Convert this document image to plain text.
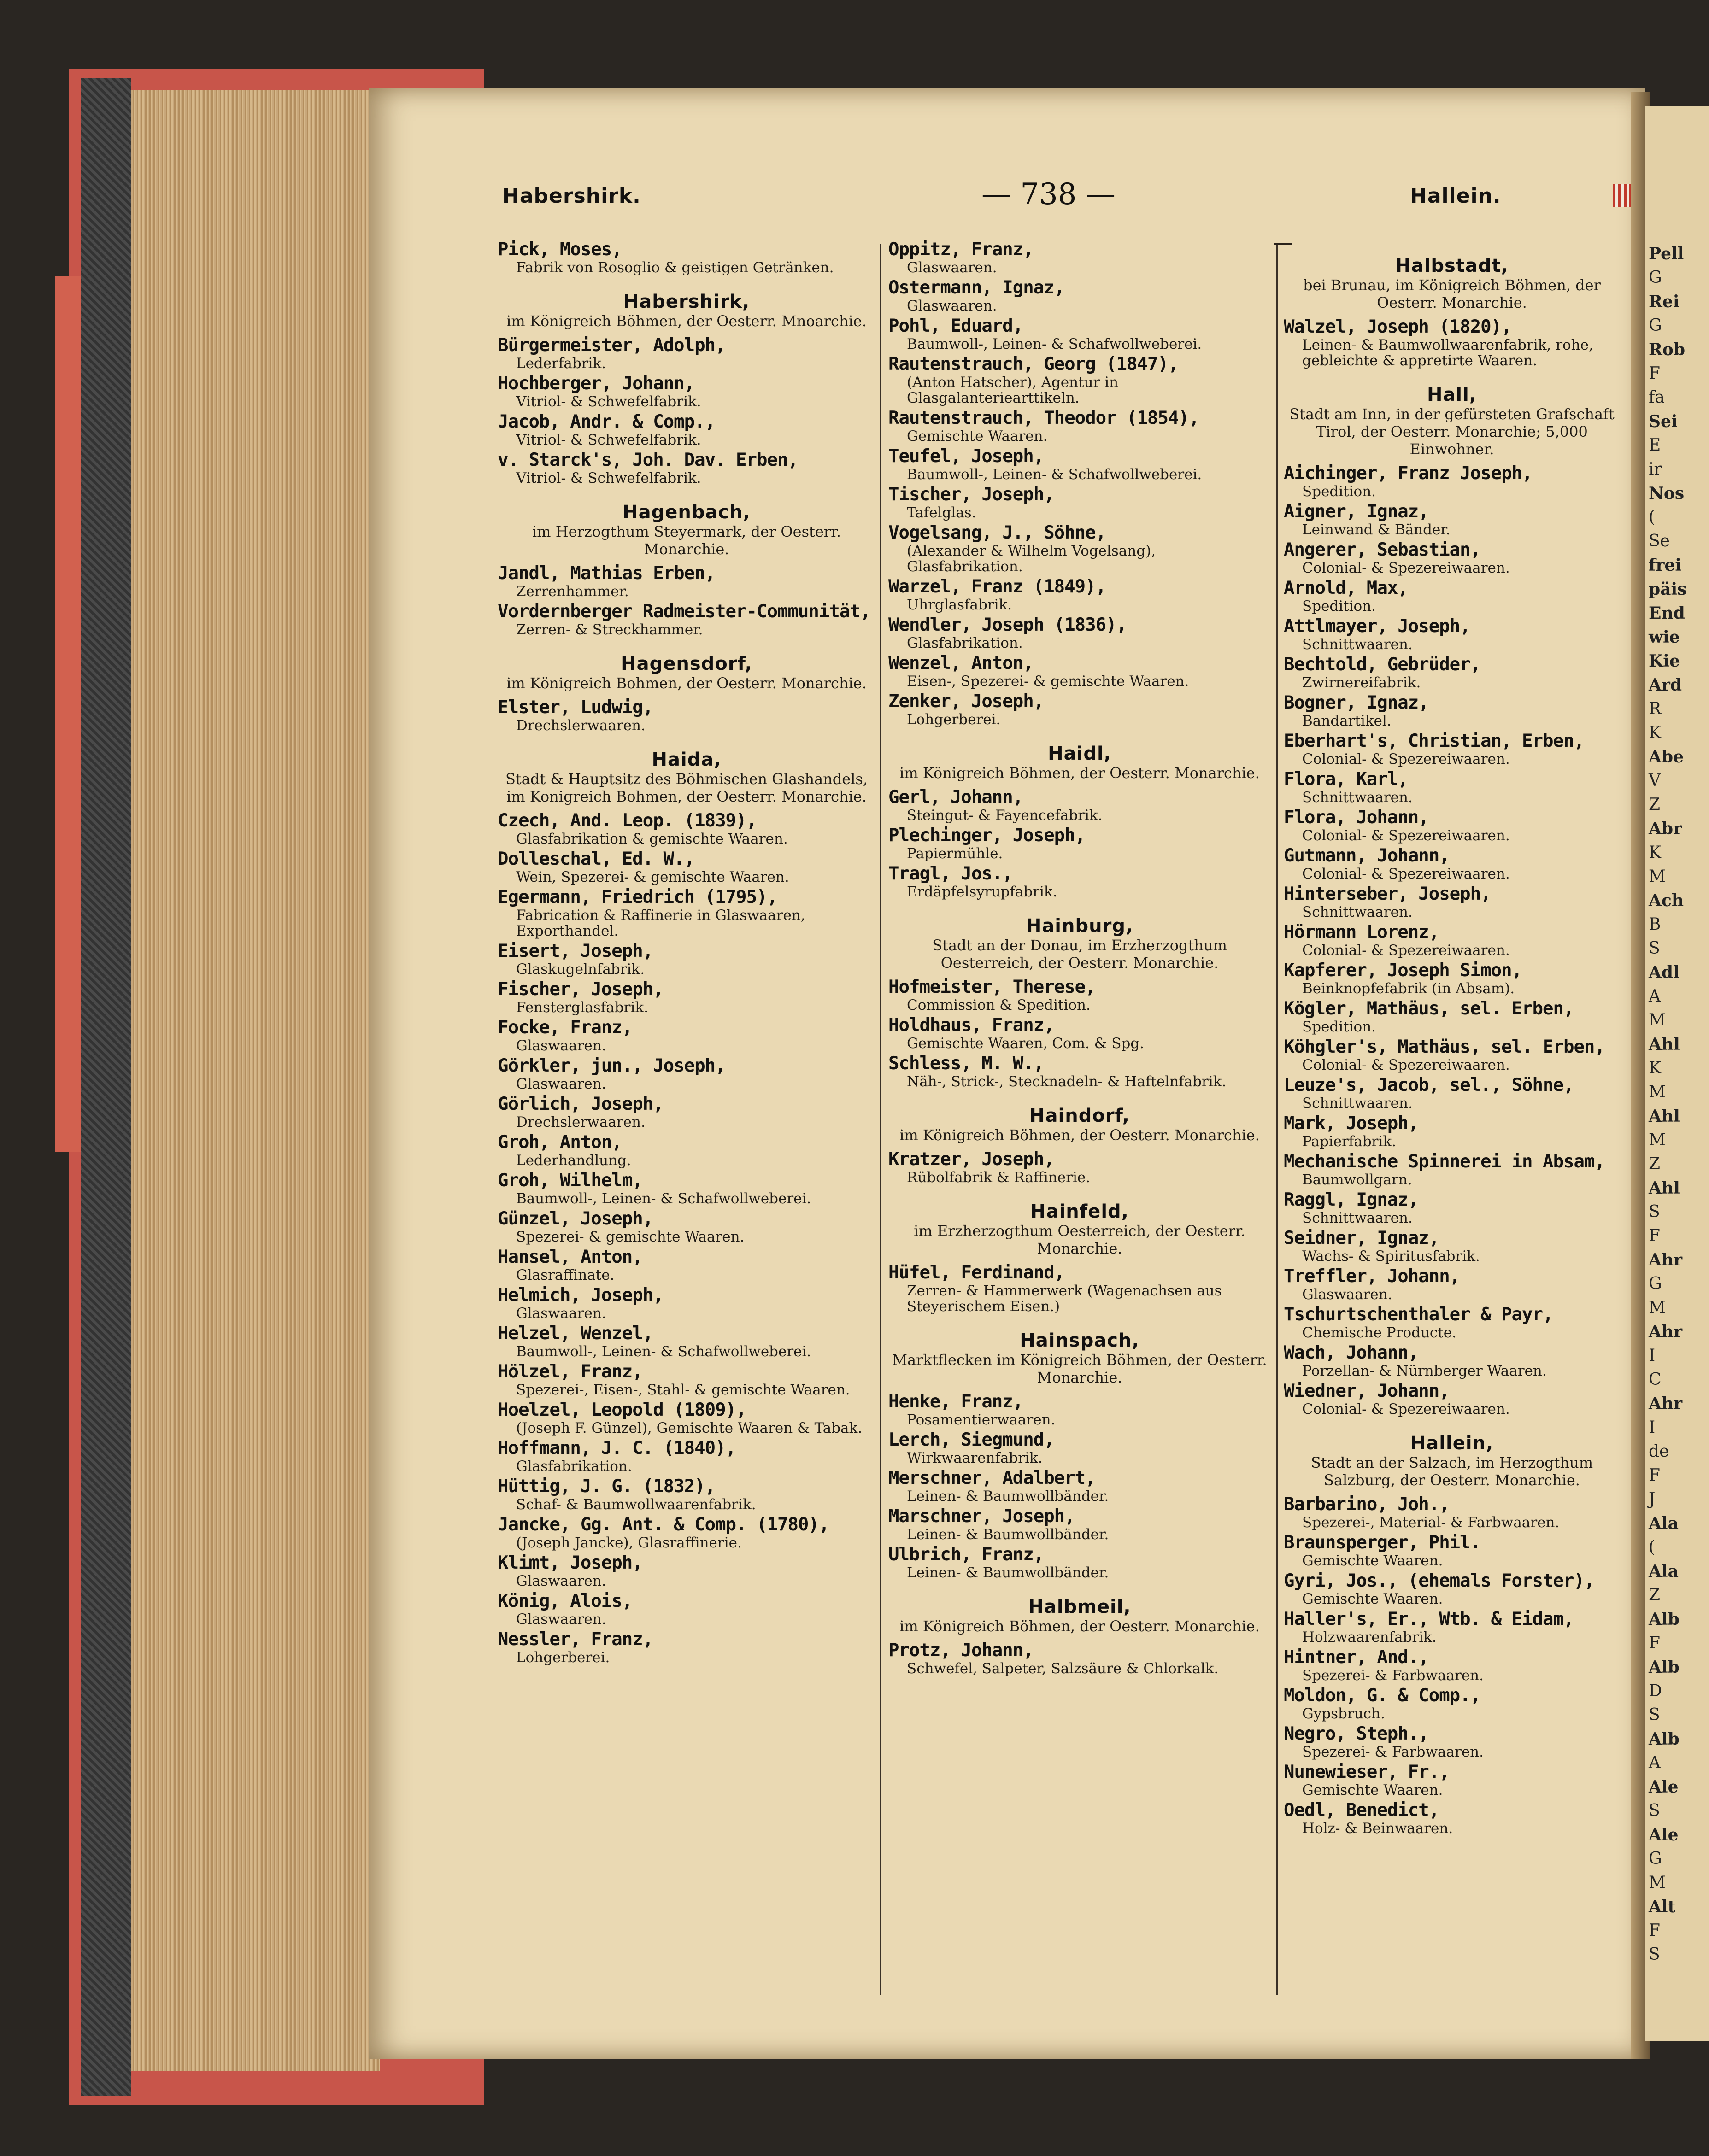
Habershirk.	— 738 —	Hallein.
Pick, Moses,
Fabrik von Rosoglio & geistigen Getränken.
Habershirk,
im Königreich Böhmen, der Oesterr. Mnoarchie.
Bürgermeister, Adolph,
Lederfabrik.
Hochberger, Johann,
Vitriol- & Schwefelfabrik.
Jacob, Andr. & Comp.,
Vitriol- & Schwefelfabrik.
v. Starck's, Joh. Dav. Erben,
Vitriol- & Schwefelfabrik.
Hagenbach,
im Herzogthum Steyermark, der Oesterr. Monarchie.
Jandl, Mathias Erben,
Zerrenhammer.
Vordernberger Radmeister-Communität,
Zerren- & Streckhammer.
Hagensdorf,
im Königreich Bohmen, der Oesterr. Monarchie.
Elster, Ludwig,
Drechslerwaaren.
Haida,
Stadt & Hauptsitz des Böhmischen Glashandels, im Konigreich Bohmen, der Oesterr. Monarchie.
Czech, And. Leop. (1839),
Glasfabrikation & gemischte Waaren.
Dolleschal, Ed. W.,
Wein, Spezerei- & gemischte Waaren.
Egermann, Friedrich (1795),
Fabrication & Raffinerie in Glaswaaren, Exporthandel.
Eisert, Joseph,
Glaskugelnfabrik.
Fischer, Joseph,
Fensterglasfabrik.
Focke, Franz,
Glaswaaren.
Görkler, jun., Joseph,
Glaswaaren.
Görlich, Joseph,
Drechslerwaaren.
Groh, Anton,
Lederhandlung.
Groh, Wilhelm,
Baumwoll-, Leinen- & Schafwollweberei.
Günzel, Joseph,
Spezerei- & gemischte Waaren.
Hansel, Anton,
Glasraffinate.
Helmich, Joseph,
Glaswaaren.
Helzel, Wenzel,
Baumwoll-, Leinen- & Schafwollweberei.
Hölzel, Franz,
Spezerei-, Eisen-, Stahl- & gemischte Waaren.
Hoelzel, Leopold (1809),
(Joseph F. Günzel), Gemischte Waaren & Tabak.
Hoffmann, J. C. (1840),
Glasfabrikation.
Hüttig, J. G. (1832),
Schaf- & Baumwollwaarenfabrik.
Jancke, Gg. Ant. & Comp. (1780),
(Joseph Jancke), Glasraffinerie.
Klimt, Joseph,
Glaswaaren.
König, Alois,
Glaswaaren.
Nessler, Franz,
Lohgerberei.
Oppitz, Franz,
Glaswaaren.
Ostermann, Ignaz,
Glaswaaren.
Pohl, Eduard,
Baumwoll-, Leinen- & Schafwollweberei.
Rautenstrauch, Georg (1847),
(Anton Hatscher), Agentur in Glasgalanteriearttikeln.
Rautenstrauch, Theodor (1854),
Gemischte Waaren.
Teufel, Joseph,
Baumwoll-, Leinen- & Schafwollweberei.
Tischer, Joseph,
Tafelglas.
Vogelsang, J., Söhne,
(Alexander & Wilhelm Vogelsang), Glasfabrikation.
Warzel, Franz (1849),
Uhrglasfabrik.
Wendler, Joseph (1836),
Glasfabrikation.
Wenzel, Anton,
Eisen-, Spezerei- & gemischte Waaren.
Zenker, Joseph,
Lohgerberei.
Haidl,
im Königreich Böhmen, der Oesterr. Monarchie.
Gerl, Johann,
Steingut- & Fayencefabrik.
Plechinger, Joseph,
Papiermühle.
Tragl, Jos.,
Erdäpfelsyrupfabrik.
Hainburg,
Stadt an der Donau, im Erzherzogthum Oesterreich, der Oesterr. Monarchie.
Hofmeister, Therese,
Commission & Spedition.
Holdhaus, Franz,
Gemischte Waaren, Com. & Spg.
Schless, M. W.,
Näh-, Strick-, Stecknadeln- & Haftelnfabrik.
Haindorf,
im Königreich Böhmen, der Oesterr. Monarchie.
Kratzer, Joseph,
Rübolfabrik & Raffinerie.
Hainfeld,
im Erzherzogthum Oesterreich, der Oesterr. Monarchie.
Hüfel, Ferdinand,
Zerren- & Hammerwerk (Wagenachsen aus Steyerischem Eisen.)
Hainspach,
Marktflecken im Königreich Böhmen, der Oesterr. Monarchie.
Henke, Franz,
Posamentierwaaren.
Lerch, Siegmund,
Wirkwaarenfabrik.
Merschner, Adalbert,
Leinen- & Baumwollbänder.
Marschner, Joseph,
Leinen- & Baumwollbänder.
Ulbrich, Franz,
Leinen- & Baumwollbänder.
Halbmeil,
im Königreich Böhmen, der Oesterr. Monarchie.
Protz, Johann,
Schwefel, Salpeter, Salzsäure & Chlorkalk.
Halbstadt,
bei Brunau, im Königreich Böhmen, der Oesterr. Monarchie.
Walzel, Joseph (1820),
Leinen- & Baumwollwaarenfabrik, rohe, gebleichte & appretirte Waaren.
Hall,
Stadt am Inn, in der gefürsteten Grafschaft Tirol, der Oesterr. Monarchie; 5,000 Einwohner.
Aichinger, Franz Joseph,
Spedition.
Aigner, Ignaz,
Leinwand & Bänder.
Angerer, Sebastian,
Colonial- & Spezereiwaaren.
Arnold, Max,
Spedition.
Attlmayer, Joseph,
Schnittwaaren.
Bechtold, Gebrüder,
Zwirnereifabrik.
Bogner, Ignaz,
Bandartikel.
Eberhart's, Christian, Erben,
Colonial- & Spezereiwaaren.
Flora, Karl,
Schnittwaaren.
Flora, Johann,
Colonial- & Spezereiwaaren.
Gutmann, Johann,
Colonial- & Spezereiwaaren.
Hinterseber, Joseph,
Schnittwaaren.
Hörmann Lorenz,
Colonial- & Spezereiwaaren.
Kapferer, Joseph Simon,
Beinknopfefabrik (in Absam).
Kögler, Mathäus, sel. Erben,
Spedition.
Köhgler's, Mathäus, sel. Erben,
Colonial- & Spezereiwaaren.
Leuze's, Jacob, sel., Söhne,
Schnittwaaren.
Mark, Joseph,
Papierfabrik.
Mechanische Spinnerei in Absam,
Baumwollgarn.
Raggl, Ignaz,
Schnittwaaren.
Seidner, Ignaz,
Wachs- & Spiritusfabrik.
Treffler, Johann,
Glaswaaren.
Tschurtschenthaler & Payr,
Chemische Producte.
Wach, Johann,
Porzellan- & Nürnberger Waaren.
Wiedner, Johann,
Colonial- & Spezereiwaaren.
Hallein,
Stadt an der Salzach, im Herzogthum Salzburg, der Oesterr. Monarchie.
Barbarino, Joh.,
Spezerei-, Material- & Farbwaaren.
Braunsperger, Phil.
Gemischte Waaren.
Gyri, Jos., (ehemals Forster),
Gemischte Waaren.
Haller's, Er., Wtb. & Eidam,
Holzwaarenfabrik.
Hintner, And.,
Spezerei- & Farbwaaren.
Moldon, G. & Comp.,
Gypsbruch.
Negro, Steph.,
Spezerei- & Farbwaaren.
Nunewieser, Fr.,
Gemischte Waaren.
Oedl, Benedict,
Holz- & Beinwaaren.
Pell
G
Rei
G
Rob
F
fa
Sei
E
ir
Nos
(
Se
frei
päis
End
wie
Kie
Ard
R
K
Abe
V
Z
Abr
K
M
Ach
B
S
Adl
A
M
Ahl
K
M
Ahl
M
Z
Ahl
S
F
Ahr
G
M
Ahr
I
C
Ahr
I
de
F
J
Ala
(
Ala
Z
Alb
F
Alb
D
S
Alb
A
Ale
S
Ale
G
M
Alt
F
S
